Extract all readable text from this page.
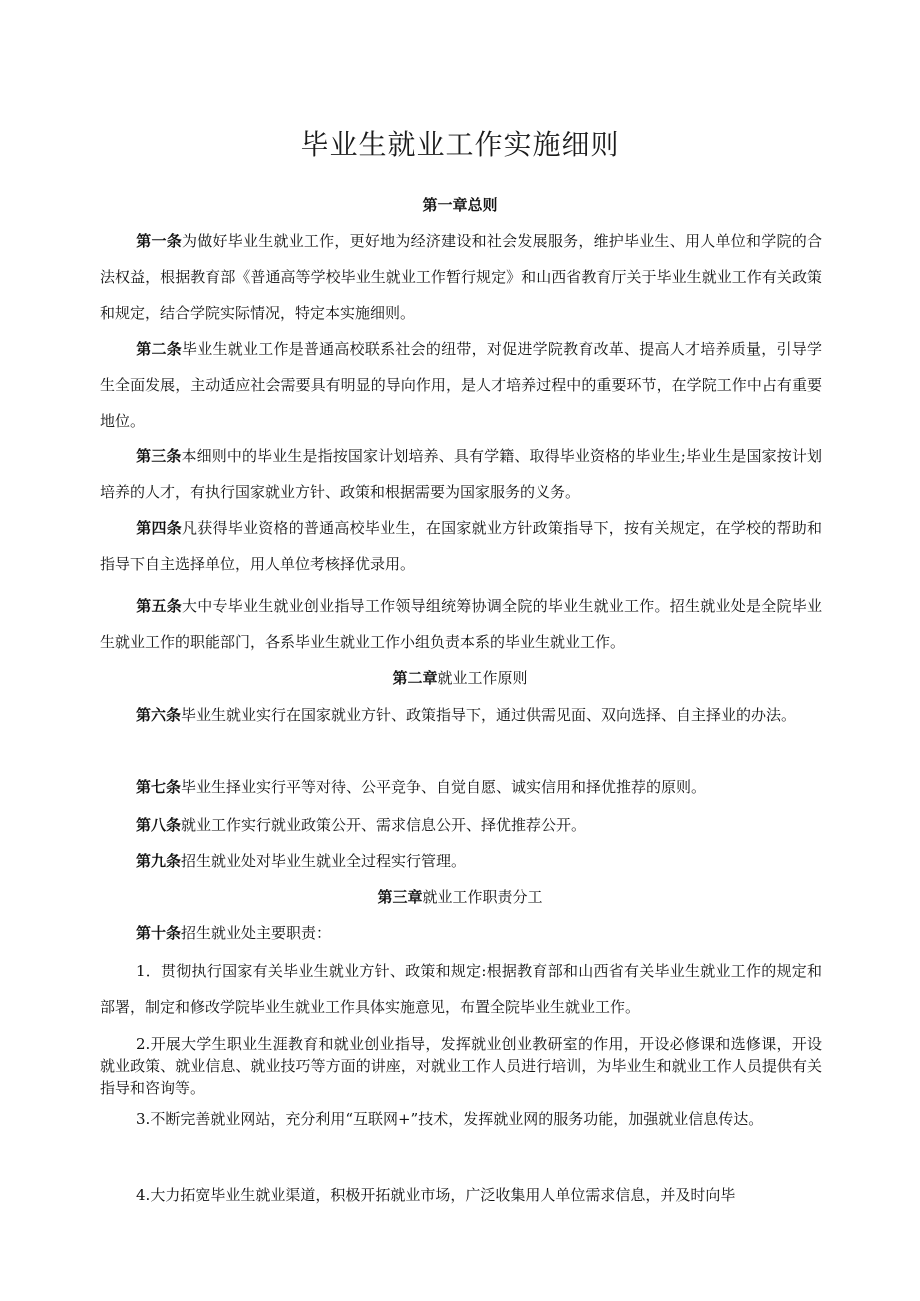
毕业生就业工作实施细则
第一章总则

第一条为做好毕业生就业工作，更好地为经济建设和社会发展服务，维护毕业生、用人单位和学院的合法权益，根据教育部《普通高等学校毕业生就业工作暂行规定》和山西省教育厅关于毕业生就业工作有关政策和规定，结合学院实际情况，特定本实施细则。

第二条毕业生就业工作是普通高校联系社会的纽带，对促进学院教育改革、提高人才培养质量，引导学生全面发展，主动适应社会需要具有明显的导向作用，是人才培养过程中的重要环节，在学院工作中占有重要地位。

第三条本细则中的毕业生是指按国家计划培养、具有学籍、取得毕业资格的毕业生;毕业生是国家按计划培养的人才，有执行国家就业方针、政策和根据需要为国家服务的义务。

第四条凡获得毕业资格的普通高校毕业生，在国家就业方针政策指导下，按有关规定，在学校的帮助和指导下自主选择单位，用人单位考核择优录用。

第五条大中专毕业生就业创业指导工作领导组统筹协调全院的毕业生就业工作。招生就业处是全院毕业生就业工作的职能部门，各系毕业生就业工作小组负责本系的毕业生就业工作。

第二章就业工作原则

第六条毕业生就业实行在国家就业方针、政策指导下，通过供需见面、双向选择、自主择业的办法。

第七条毕业生择业实行平等对待、公平竞争、自觉自愿、诚实信用和择优推荐的原则。

第八条就业工作实行就业政策公开、需求信息公开、择优推荐公开。

第九条招生就业处对毕业生就业全过程实行管理。

第三章就业工作职责分工

第十条招生就业处主要职责：

1．贯彻执行国家有关毕业生就业方针、政策和规定:根据教育部和山西省有关毕业生就业工作的规定和部署，制定和修改学院毕业生就业工作具体实施意见，布置全院毕业生就业工作。

2.开展大学生职业生涯教育和就业创业指导，发挥就业创业教研室的作用，开设必修课和选修课，开设就业政策、就业信息、就业技巧等方面的讲座，对就业工作人员进行培训，为毕业生和就业工作人员提供有关指导和咨询等。

3.不断完善就业网站，充分利用“互联网+”技术，发挥就业网的服务功能，加强就业信息传达。

4.大力拓宽毕业生就业渠道，积极开拓就业市场，广泛收集用人单位需求信息，并及时向毕
